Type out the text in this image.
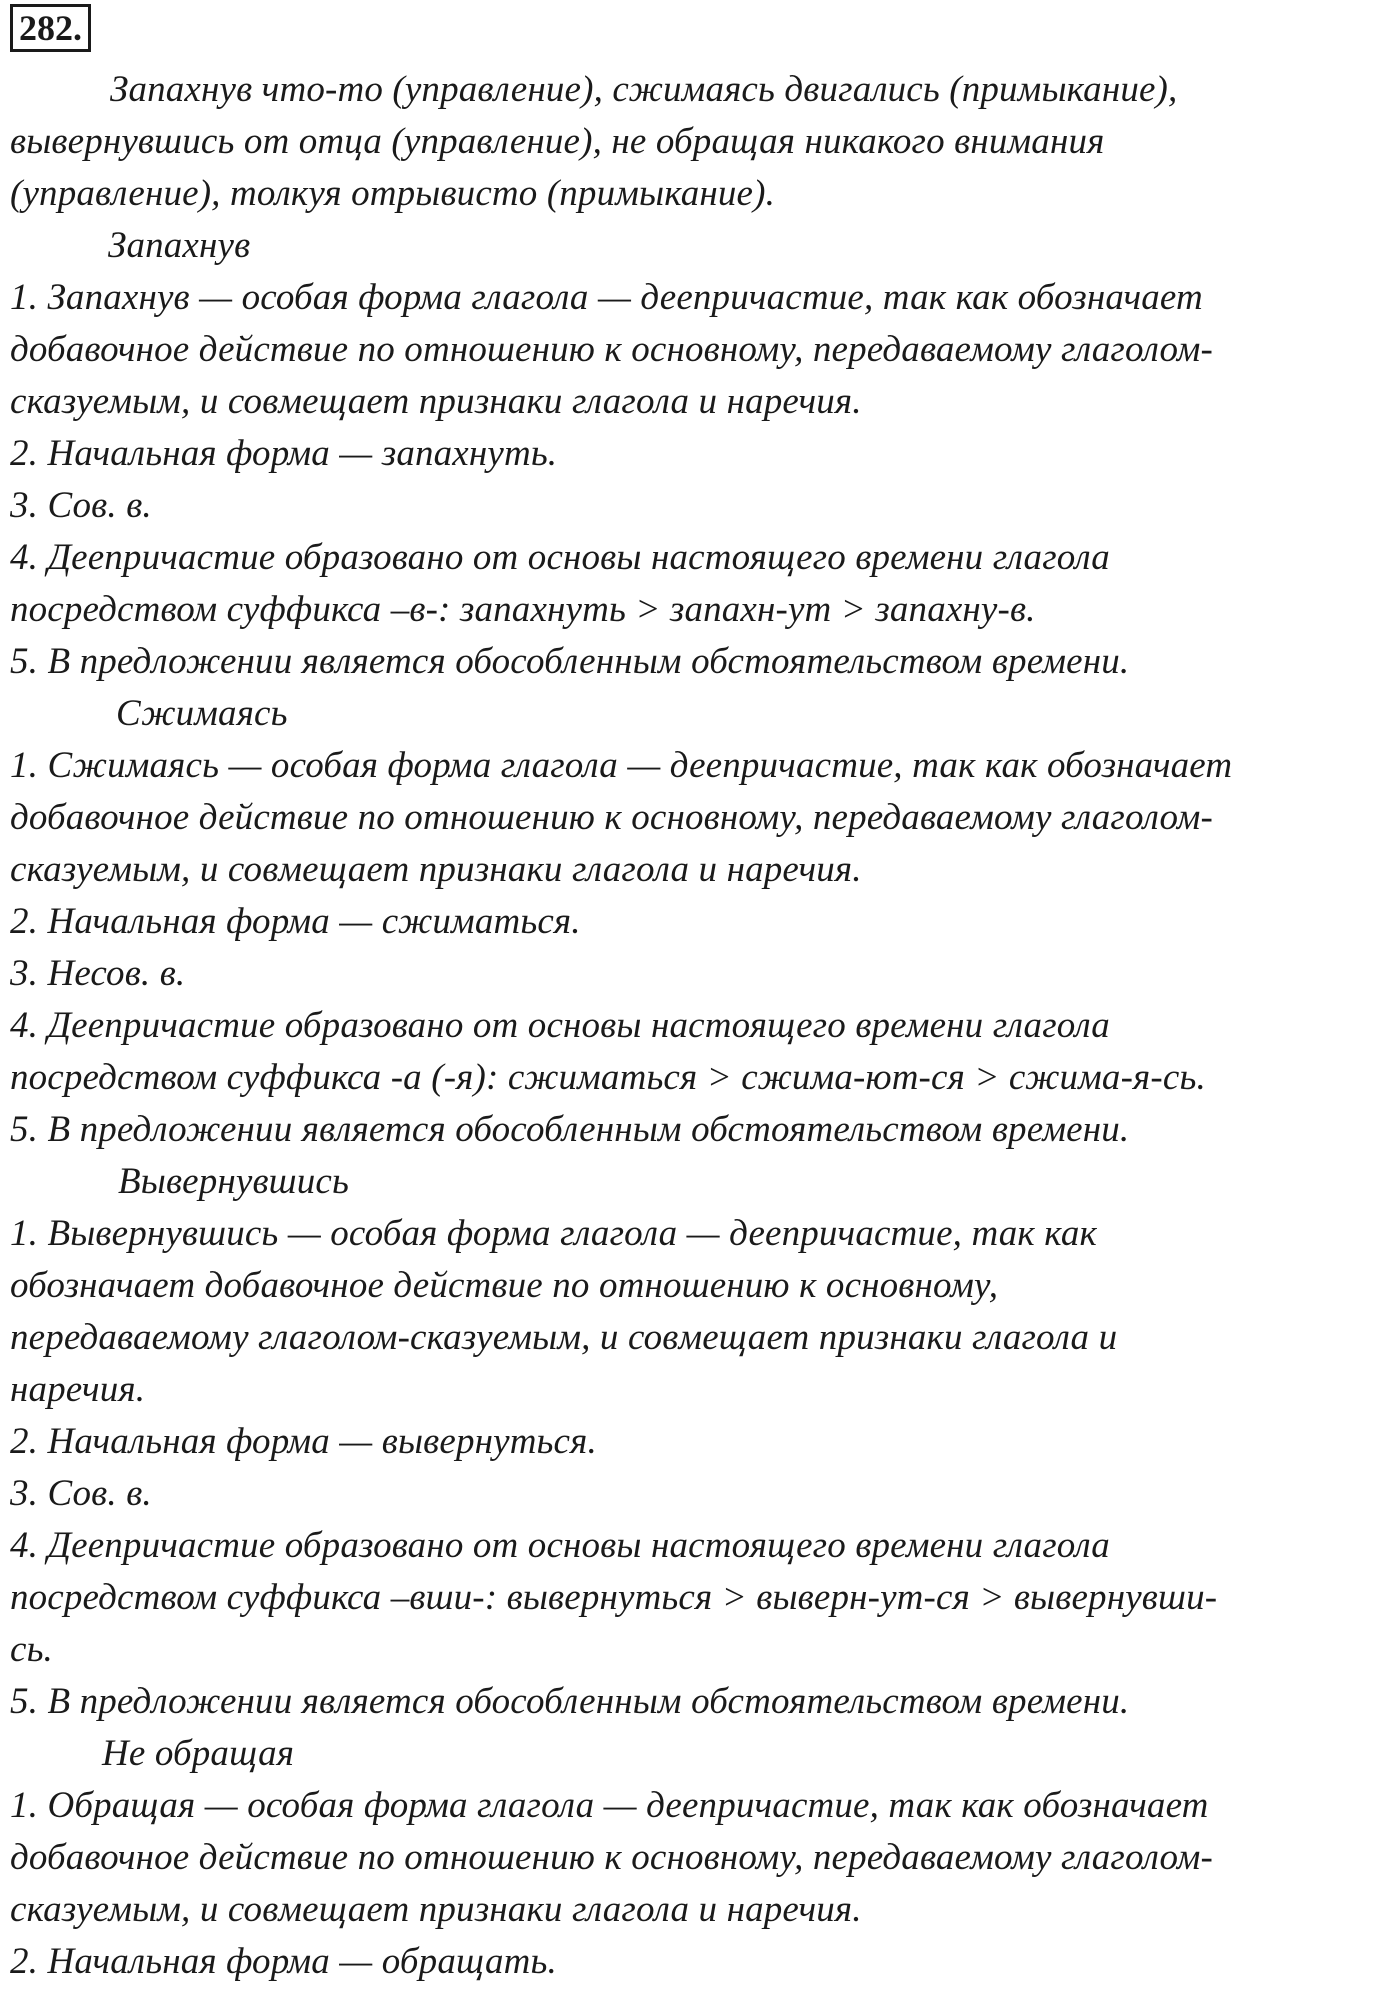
282.
Запахнув что-то (управление), сжимаясь двигались (примыкание),
вывернувшись от отца (управление), не обращая никакого внимания
(управление), толкуя отрывисто (примыкание).
Запахнув
1. Запахнув — особая форма глагола — деепричастие, так как обозначает
добавочное действие по отношению к основному, передаваемому глаголом-
сказуемым, и совмещает признаки глагола и наречия.
2. Начальная форма — запахнуть.
3. Сов. в.
4. Деепричастие образовано от основы настоящего времени глагола
посредством суффикса –в-: запахнуть > запахн-ут > запахну-в.
5. В предложении является обособленным обстоятельством времени.
Сжимаясь
1. Сжимаясь — особая форма глагола — деепричастие, так как обозначает
добавочное действие по отношению к основному, передаваемому глаголом-
сказуемым, и совмещает признаки глагола и наречия.
2. Начальная форма — сжиматься.
3. Несов. в.
4. Деепричастие образовано от основы настоящего времени глагола
посредством суффикса -а (-я): сжиматься > сжима-ют-ся > сжима-я-сь.
5. В предложении является обособленным обстоятельством времени.
Вывернувшись
1. Вывернувшись — особая форма глагола — деепричастие, так как
обозначает добавочное действие по отношению к основному,
передаваемому глаголом-сказуемым, и совмещает признаки глагола и
наречия.
2. Начальная форма — вывернуться.
3. Сов. в.
4. Деепричастие образовано от основы настоящего времени глагола
посредством суффикса –вши-: вывернуться > выверн-ут-ся > вывернувши-
сь.
5. В предложении является обособленным обстоятельством времени.
Не обращая
1. Обращая — особая форма глагола — деепричастие, так как обозначает
добавочное действие по отношению к основному, передаваемому глаголом-
сказуемым, и совмещает признаки глагола и наречия.
2. Начальная форма — обращать.
